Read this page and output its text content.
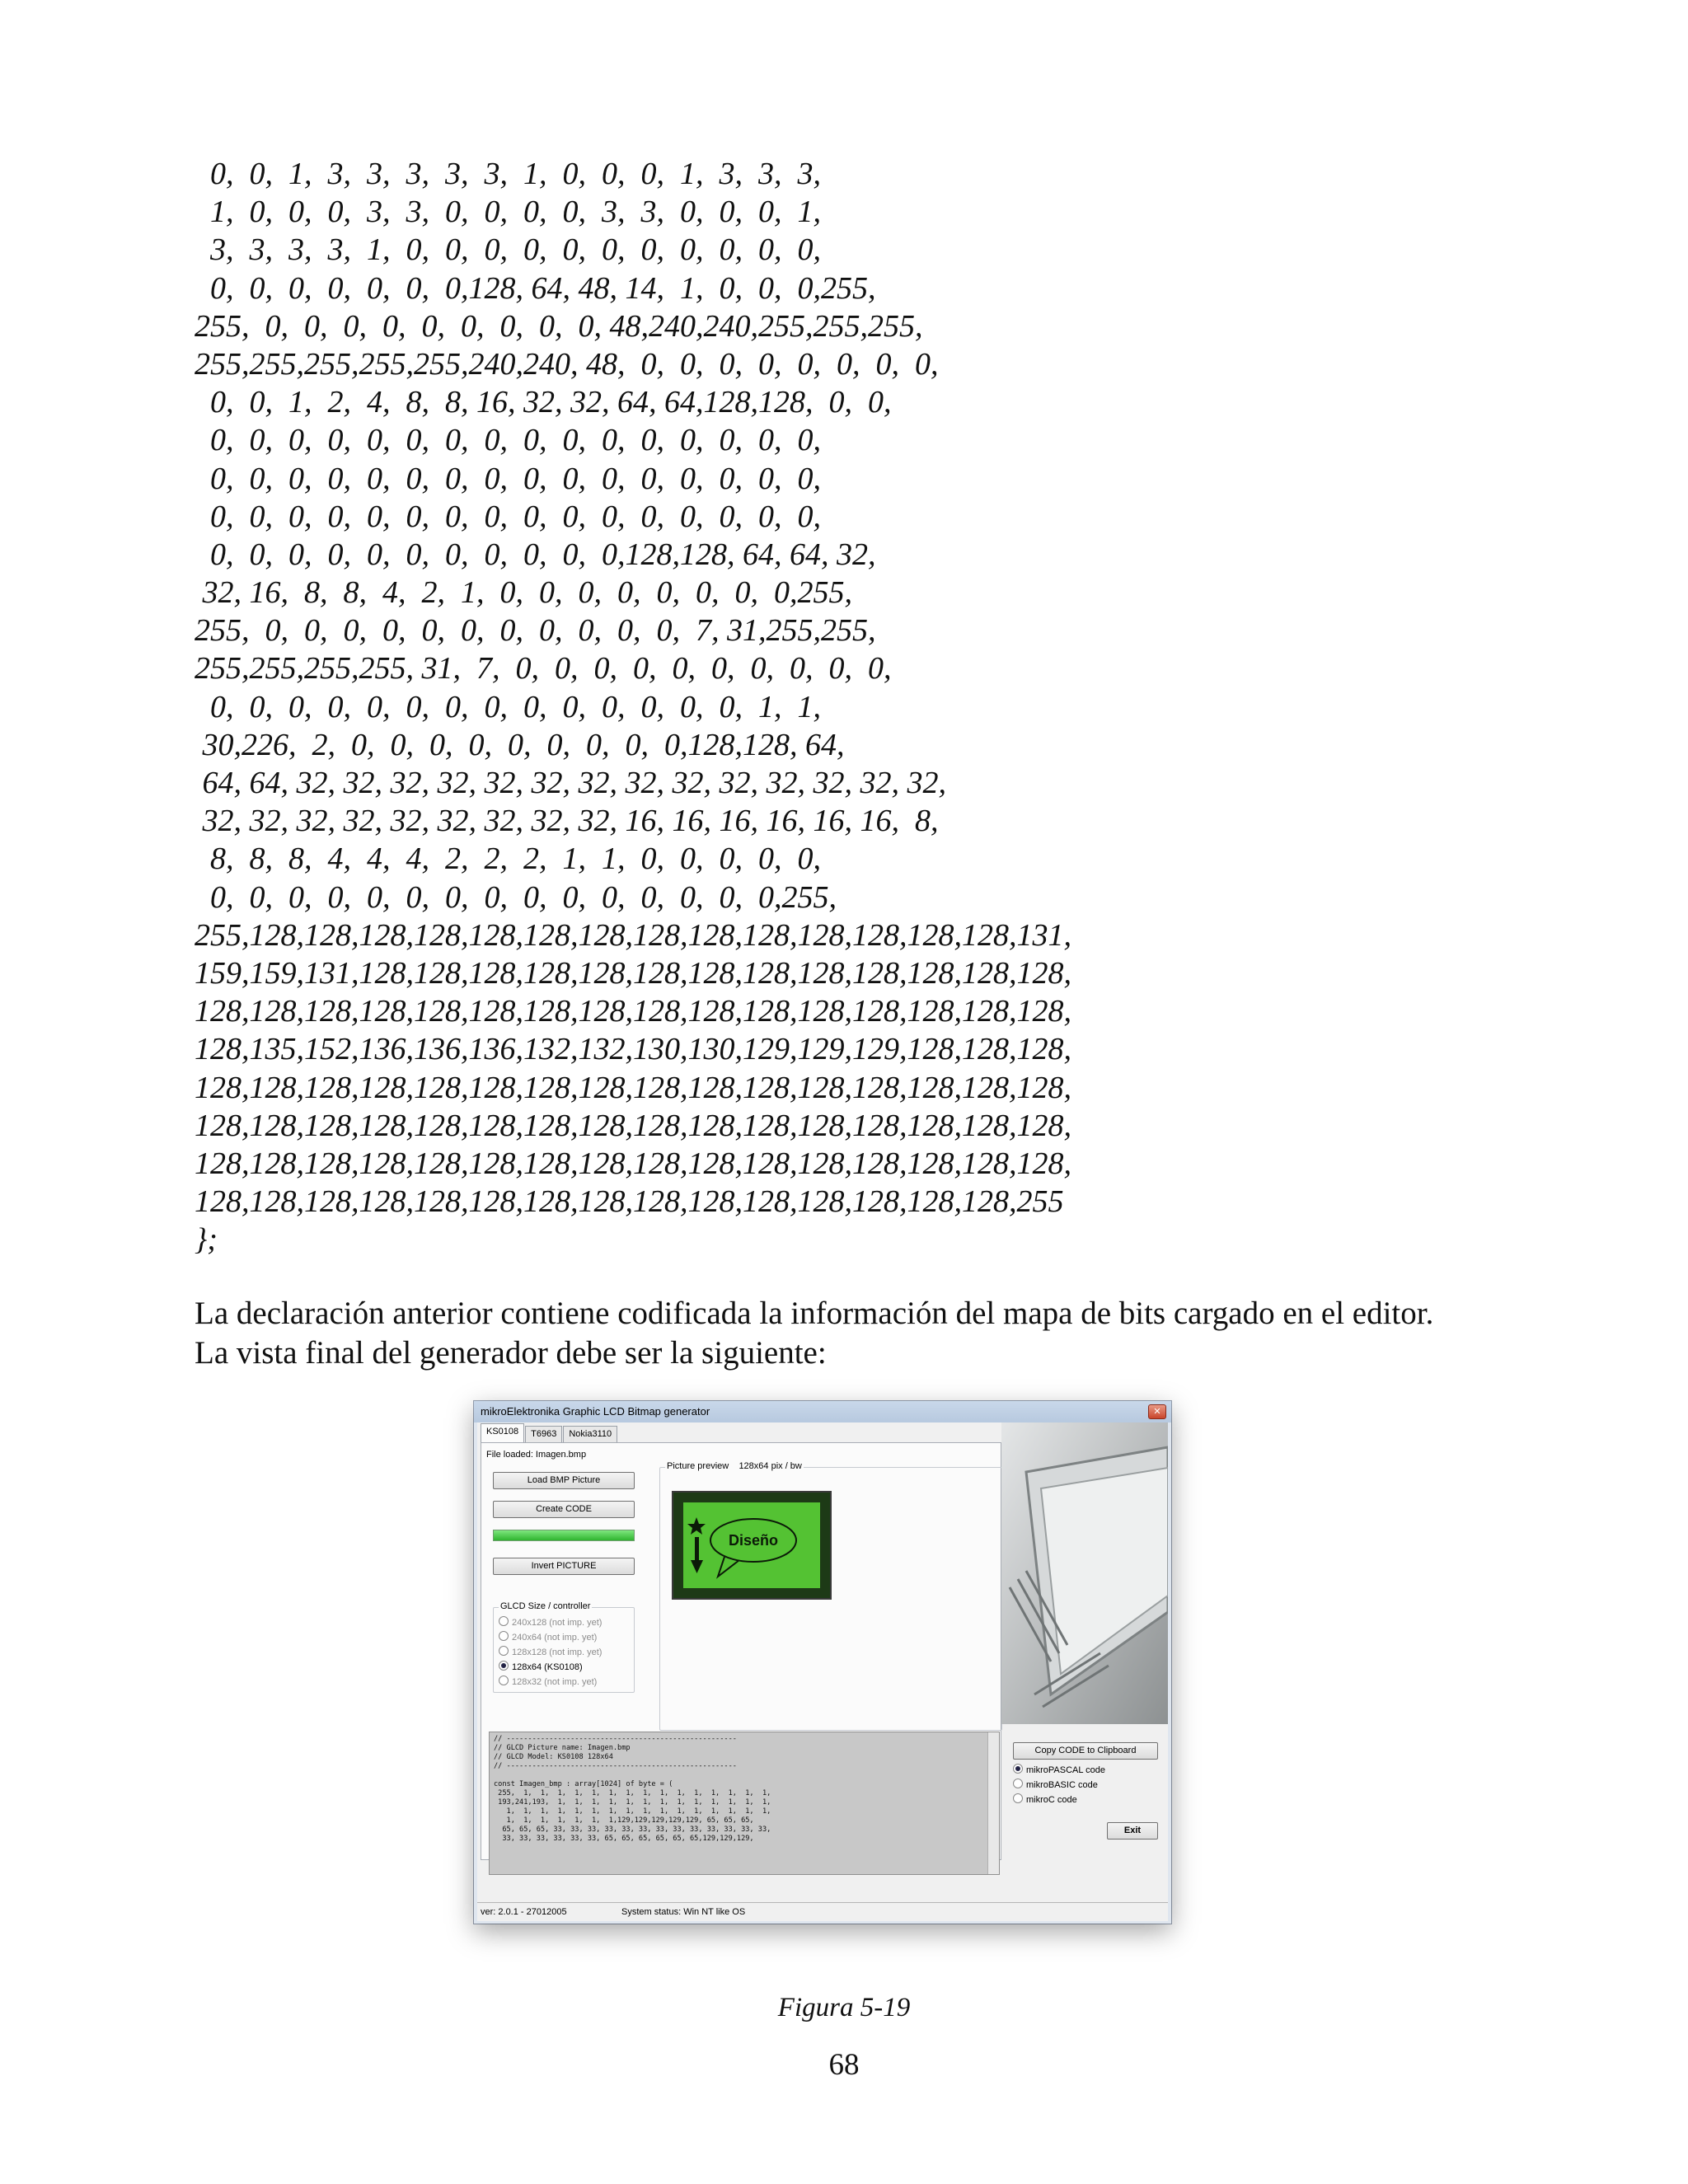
0,  0,  1,  3,  3,  3,  3,  3,  1,  0,  0,  0,  1,  3,  3,  3,
1,  0,  0,  0,  3,  3,  0,  0,  0,  0,  3,  3,  0,  0,  0,  1,
3,  3,  3,  3,  1,  0,  0,  0,  0,  0,  0,  0,  0,  0,  0,  0,
0,  0,  0,  0,  0,  0,  0,128, 64, 48, 14,  1,  0,  0,  0,255,
255,  0,  0,  0,  0,  0,  0,  0,  0,  0, 48,240,240,255,255,255,
255,255,255,255,255,240,240, 48,  0,  0,  0,  0,  0,  0,  0,  0,
0,  0,  1,  2,  4,  8,  8, 16, 32, 32, 64, 64,128,128,  0,  0,
0,  0,  0,  0,  0,  0,  0,  0,  0,  0,  0,  0,  0,  0,  0,  0,
0,  0,  0,  0,  0,  0,  0,  0,  0,  0,  0,  0,  0,  0,  0,  0,
0,  0,  0,  0,  0,  0,  0,  0,  0,  0,  0,  0,  0,  0,  0,  0,
0,  0,  0,  0,  0,  0,  0,  0,  0,  0,  0,128,128, 64, 64, 32,
32, 16,  8,  8,  4,  2,  1,  0,  0,  0,  0,  0,  0,  0,  0,255,
255,  0,  0,  0,  0,  0,  0,  0,  0,  0,  0,  0,  7, 31,255,255,
255,255,255,255, 31,  7,  0,  0,  0,  0,  0,  0,  0,  0,  0,  0,
0,  0,  0,  0,  0,  0,  0,  0,  0,  0,  0,  0,  0,  0,  1,  1,
30,226,  2,  0,  0,  0,  0,  0,  0,  0,  0,  0,128,128, 64,
64, 64, 32, 32, 32, 32, 32, 32, 32, 32, 32, 32, 32, 32, 32, 32,
32, 32, 32, 32, 32, 32, 32, 32, 32, 16, 16, 16, 16, 16, 16,  8,
8,  8,  8,  4,  4,  4,  2,  2,  2,  1,  1,  0,  0,  0,  0,  0,
0,  0,  0,  0,  0,  0,  0,  0,  0,  0,  0,  0,  0,  0,  0,255,
255,128,128,128,128,128,128,128,128,128,128,128,128,128,128,131,
159,159,131,128,128,128,128,128,128,128,128,128,128,128,128,128,
128,128,128,128,128,128,128,128,128,128,128,128,128,128,128,128,
128,135,152,136,136,136,132,132,130,130,129,129,129,128,128,128,
128,128,128,128,128,128,128,128,128,128,128,128,128,128,128,128,
128,128,128,128,128,128,128,128,128,128,128,128,128,128,128,128,
128,128,128,128,128,128,128,128,128,128,128,128,128,128,128,128,
128,128,128,128,128,128,128,128,128,128,128,128,128,128,128,255
};
La declaración anterior contiene codificada la información del mapa de bits cargado en el editor.
La vista final del generador debe ser la siguiente:
mikroElektronika Graphic LCD Bitmap generator	✕
KS0108	T6963	Nokia3110
File loaded: Imagen.bmp
Load BMP Picture
Create CODE
Invert PICTURE
GLCD Size / controller
240x128 (not imp. yet)
240x64 (not imp. yet)
128x128 (not imp. yet)
128x64 (KS0108)
128x32 (not imp. yet)
Picture preview 128x64 pix / bw
Diseño
// ------------------------------------------------------
// GLCD Picture name: Imagen.bmp
// GLCD Model: KS0108 128x64
// ------------------------------------------------------

const Imagen_bmp : array[1024] of byte = (
255,  1,  1,  1,  1,  1,  1,  1,  1,  1,  1,  1,  1,  1,  1,  1,
193,241,193,  1,  1,  1,  1,  1,  1,  1,  1,  1,  1,  1,  1,  1,
1,  1,  1,  1,  1,  1,  1,  1,  1,  1,  1,  1,  1,  1,  1,  1,
1,  1,  1,  1,  1,  1,  1,129,129,129,129,129, 65, 65, 65,
65, 65, 65, 33, 33, 33, 33, 33, 33, 33, 33, 33, 33, 33, 33, 33,
33, 33, 33, 33, 33, 33, 65, 65, 65, 65, 65, 65,129,129,129,
Copy CODE to Clipboard
mikroPASCAL code
mikroBASIC code
mikroC code
Exit
ver: 2.0.1 - 27012005	System status: Win NT like OS
Figura 5-19
68
